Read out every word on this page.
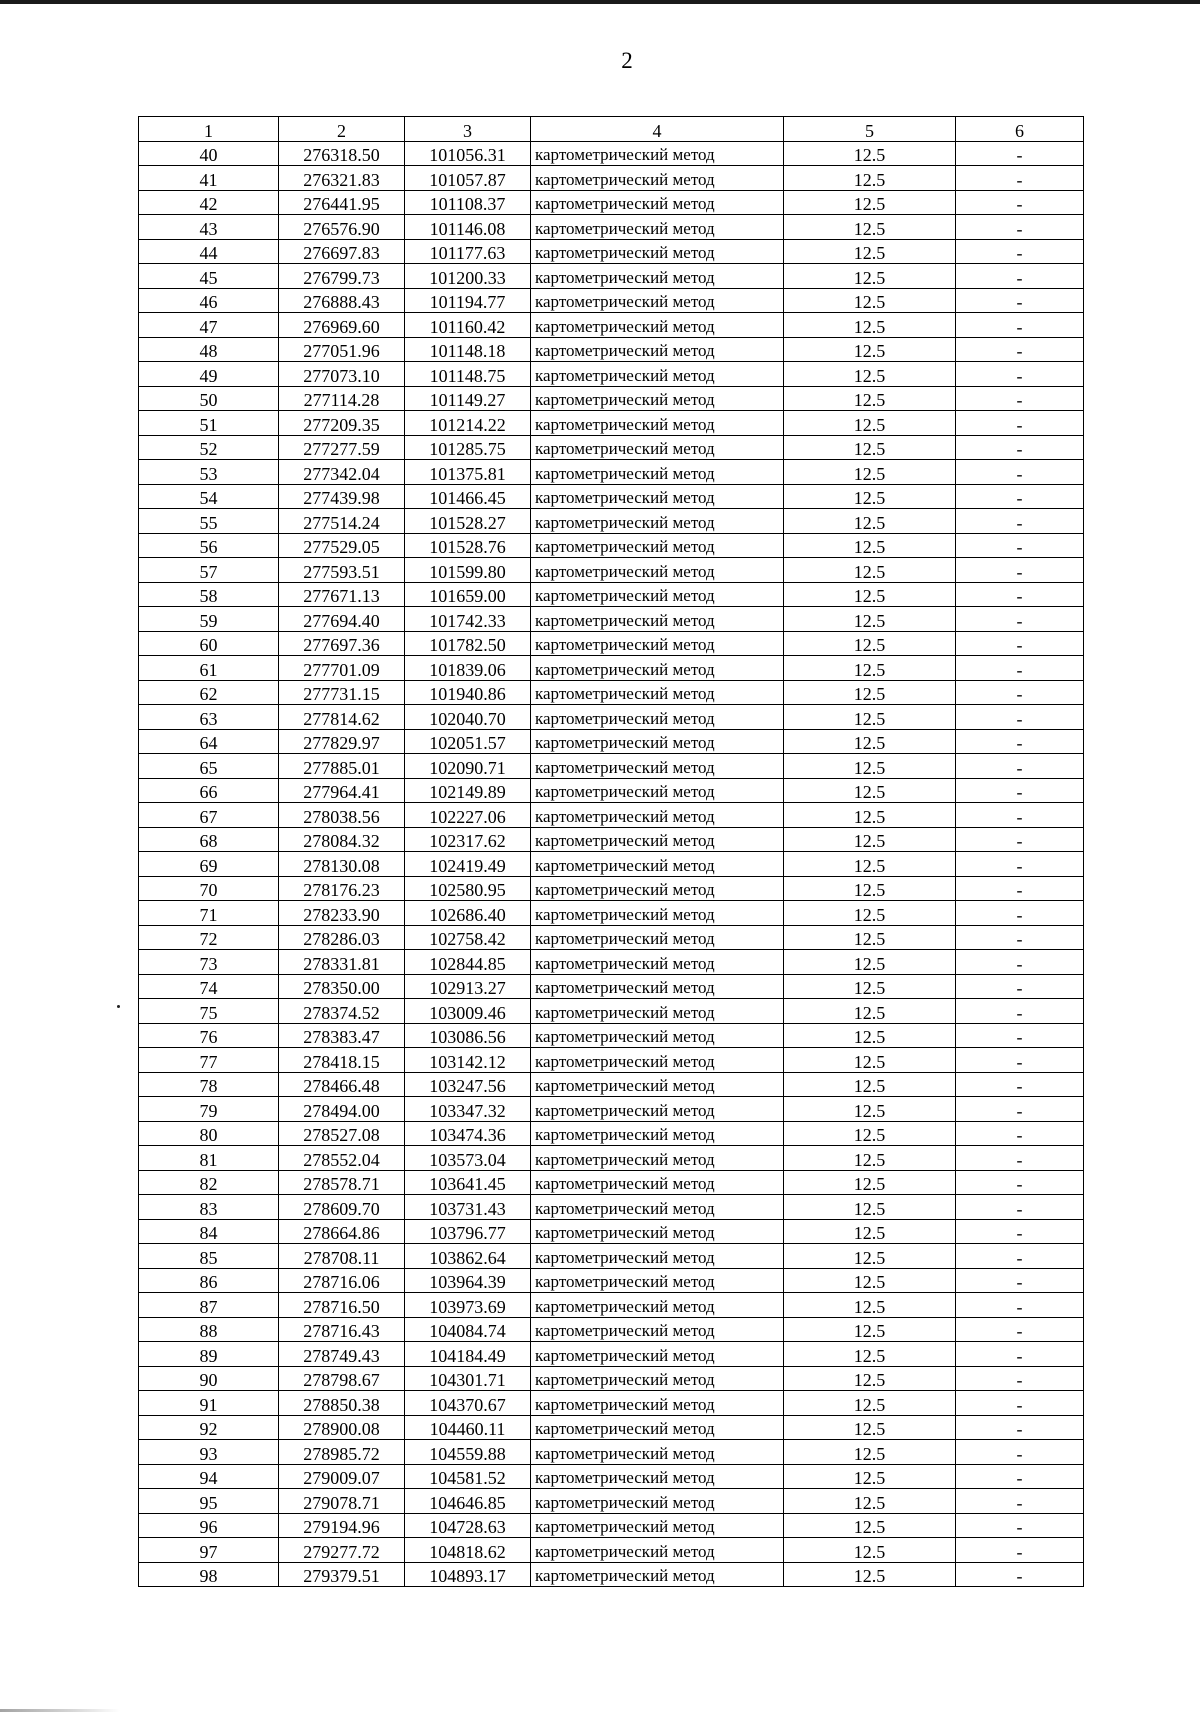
2
1	2	3	4	5	6
40	276318.50	101056.31	картометрический метод	12.5	-
41	276321.83	101057.87	картометрический метод	12.5	-
42	276441.95	101108.37	картометрический метод	12.5	-
43	276576.90	101146.08	картометрический метод	12.5	-
44	276697.83	101177.63	картометрический метод	12.5	-
45	276799.73	101200.33	картометрический метод	12.5	-
46	276888.43	101194.77	картометрический метод	12.5	-
47	276969.60	101160.42	картометрический метод	12.5	-
48	277051.96	101148.18	картометрический метод	12.5	-
49	277073.10	101148.75	картометрический метод	12.5	-
50	277114.28	101149.27	картометрический метод	12.5	-
51	277209.35	101214.22	картометрический метод	12.5	-
52	277277.59	101285.75	картометрический метод	12.5	-
53	277342.04	101375.81	картометрический метод	12.5	-
54	277439.98	101466.45	картометрический метод	12.5	-
55	277514.24	101528.27	картометрический метод	12.5	-
56	277529.05	101528.76	картометрический метод	12.5	-
57	277593.51	101599.80	картометрический метод	12.5	-
58	277671.13	101659.00	картометрический метод	12.5	-
59	277694.40	101742.33	картометрический метод	12.5	-
60	277697.36	101782.50	картометрический метод	12.5	-
61	277701.09	101839.06	картометрический метод	12.5	-
62	277731.15	101940.86	картометрический метод	12.5	-
63	277814.62	102040.70	картометрический метод	12.5	-
64	277829.97	102051.57	картометрический метод	12.5	-
65	277885.01	102090.71	картометрический метод	12.5	-
66	277964.41	102149.89	картометрический метод	12.5	-
67	278038.56	102227.06	картометрический метод	12.5	-
68	278084.32	102317.62	картометрический метод	12.5	-
69	278130.08	102419.49	картометрический метод	12.5	-
70	278176.23	102580.95	картометрический метод	12.5	-
71	278233.90	102686.40	картометрический метод	12.5	-
72	278286.03	102758.42	картометрический метод	12.5	-
73	278331.81	102844.85	картометрический метод	12.5	-
74	278350.00	102913.27	картометрический метод	12.5	-
75	278374.52	103009.46	картометрический метод	12.5	-
76	278383.47	103086.56	картометрический метод	12.5	-
77	278418.15	103142.12	картометрический метод	12.5	-
78	278466.48	103247.56	картометрический метод	12.5	-
79	278494.00	103347.32	картометрический метод	12.5	-
80	278527.08	103474.36	картометрический метод	12.5	-
81	278552.04	103573.04	картометрический метод	12.5	-
82	278578.71	103641.45	картометрический метод	12.5	-
83	278609.70	103731.43	картометрический метод	12.5	-
84	278664.86	103796.77	картометрический метод	12.5	-
85	278708.11	103862.64	картометрический метод	12.5	-
86	278716.06	103964.39	картометрический метод	12.5	-
87	278716.50	103973.69	картометрический метод	12.5	-
88	278716.43	104084.74	картометрический метод	12.5	-
89	278749.43	104184.49	картометрический метод	12.5	-
90	278798.67	104301.71	картометрический метод	12.5	-
91	278850.38	104370.67	картометрический метод	12.5	-
92	278900.08	104460.11	картометрический метод	12.5	-
93	278985.72	104559.88	картометрический метод	12.5	-
94	279009.07	104581.52	картометрический метод	12.5	-
95	279078.71	104646.85	картометрический метод	12.5	-
96	279194.96	104728.63	картометрический метод	12.5	-
97	279277.72	104818.62	картометрический метод	12.5	-
98	279379.51	104893.17	картометрический метод	12.5	-
